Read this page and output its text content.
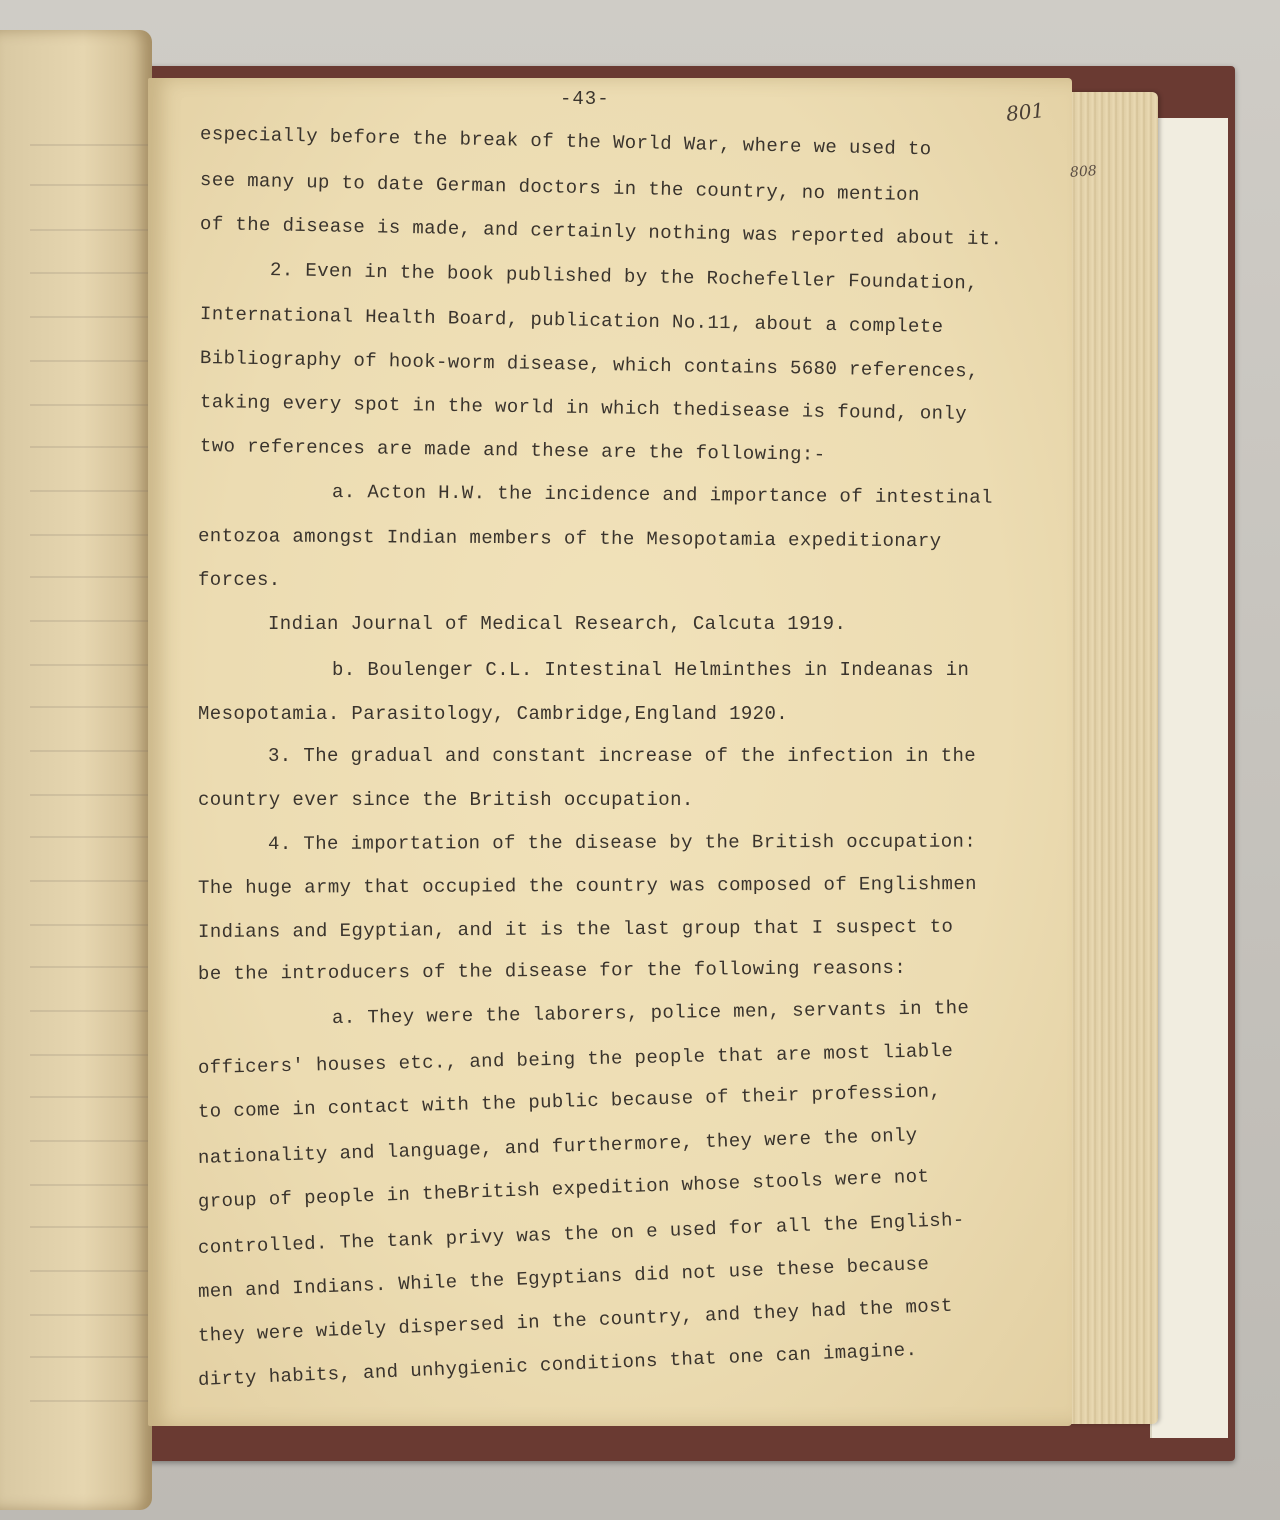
-43-	801
808
especially before the break of the World War, where we used to
see many up to date German doctors in the country, no mention
of the disease is made, and certainly nothing was reported about it.
2. Even in the book published by the Rochefeller Foundation,
International Health Board, publication No.11, about a complete
Bibliography of hook-worm disease, which contains 5680 references,
taking every spot in the world in which thedisease is found, only
two references are made and these are the following:-
a. Acton H.W. the incidence and importance of intestinal
entozoa amongst Indian members of the Mesopotamia expeditionary
forces.
Indian Journal of Medical Research, Calcuta 1919.
b. Boulenger C.L. Intestinal Helminthes in Indeanas in
Mesopotamia. Parasitology, Cambridge,England 1920.
3. The gradual and constant increase of the infection in the
country ever since the British occupation.
4. The importation of the disease by the British occupation:
The huge army that occupied the country was composed of Englishmen
Indians and Egyptian, and it is the last group that I suspect to
be the introducers of the disease for the following reasons:
a. They were the laborers, police men, servants in the
officers' houses etc., and being the people that are most liable
to come in contact with the public because of their profession,
nationality and language, and furthermore, they were the only
group of people in theBritish expedition whose stools were not
controlled. The tank privy was the on e used for all the English-
men and Indians. While the Egyptians did not use these because
they were widely dispersed in the country, and they had the most
dirty habits, and unhygienic conditions that one can imagine.
